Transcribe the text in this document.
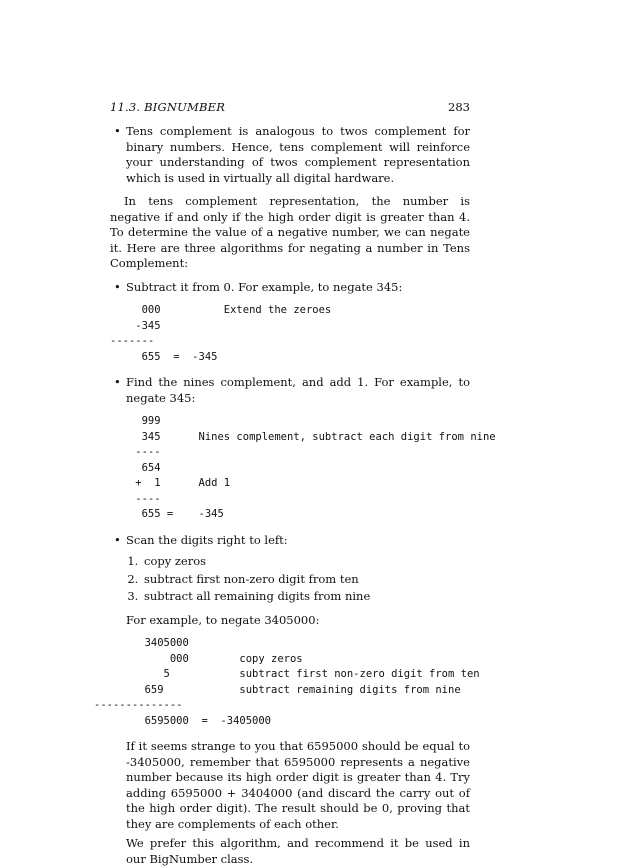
11.3. BIGNUMBER	283

• Tens complement is analogous to twos complement for binary numbers. Hence, tens complement will reinforce your understanding of twos complement representation which is used in virtually all digital hardware.

In tens complement representation, the number is negative if and only if the high order digit is greater than 4. To determine the value of a negative number, we can negate it. Here are three algorithms for negating a number in Tens Complement:

• Subtract it from 0. For example, to negate 345:

000          Extend the zeroes
-345
-------
655  =  -345

• Find the nines complement, and add 1. For example, to negate 345:

999
345      Nines complement, subtract each digit from nine
----
654
+  1      Add 1
----
655 =    -345

• Scan the digits right to left:

1. copy zeros
2. subtract first non-zero digit from ten
3. subtract all remaining digits from nine

For example, to negate 3405000:

3405000
000        copy zeros
5           subtract first non-zero digit from ten
659            subtract remaining digits from nine
--------------
6595000  =  -3405000

If it seems strange to you that 6595000 should be equal to -3405000, remember that 6595000 represents a negative number because its high order digit is greater than 4. Try adding 6595000 + 3404000 (and discard the carry out of the high order digit). The result should be 0, proving that they are complements of each other.

We prefer this algorithm, and recommend it be used in our BigNumber class.
